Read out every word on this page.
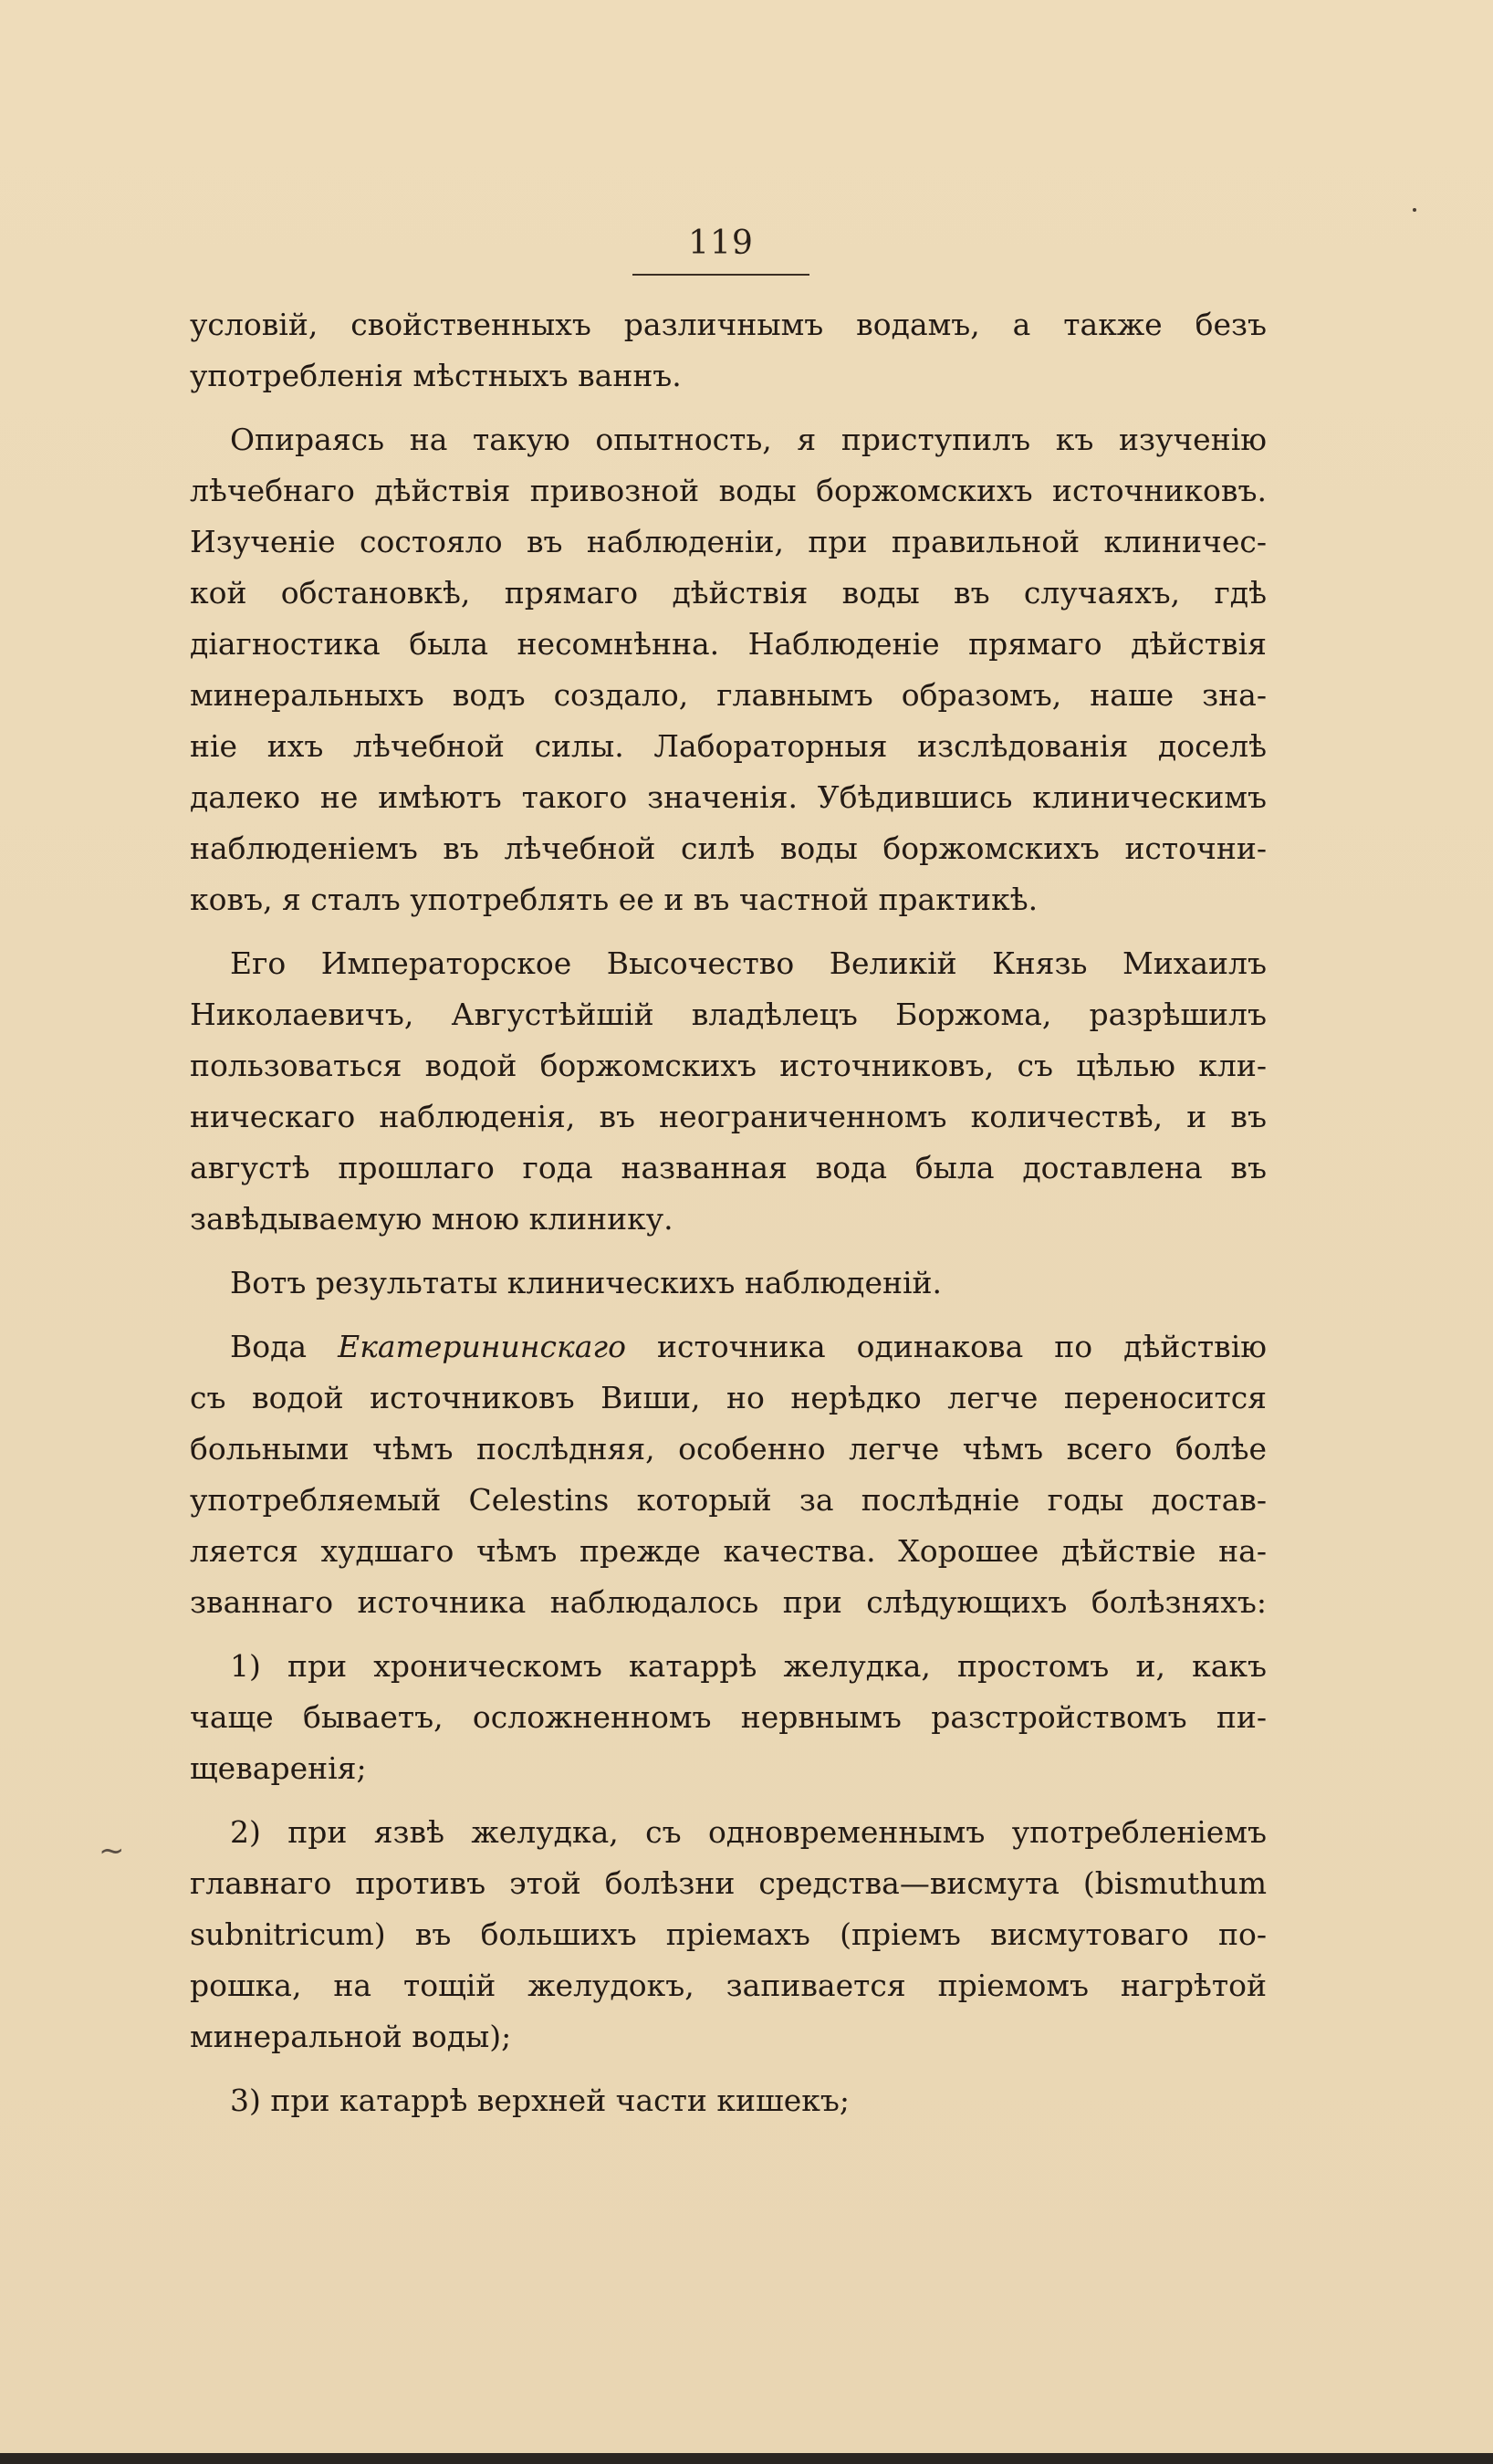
119
~
условій, свойственныхъ различнымъ водамъ, а также безъ
употребленія мѣстныхъ ваннъ.
Опираясь на такую опытность, я приступилъ къ изученію
лѣчебнаго дѣйствія привозной воды боржомскихъ источниковъ.
Изученіе состояло въ наблюденіи, при правильной клиничес-
кой обстановкѣ, прямаго дѣйствія воды въ случаяхъ, гдѣ
діагностика была несомнѣнна. Наблюденіе прямаго дѣйствія
минеральныхъ водъ создало, главнымъ образомъ, наше зна-
ніе ихъ лѣчебной силы. Лабораторныя изслѣдованія доселѣ
далеко не имѣютъ такого значенія. Убѣдившись клиническимъ
наблюденіемъ въ лѣчебной силѣ воды боржомскихъ источни-
ковъ, я сталъ употреблять ее и въ частной практикѣ.
Его Императорское Высочество Великій Князь Михаилъ
Николаевичъ, Августѣйшій владѣлецъ Боржома, разрѣшилъ
пользоваться водой боржомскихъ источниковъ, съ цѣлью кли-
ническаго наблюденія, въ неограниченномъ количествѣ, и въ
августѣ прошлаго года названная вода была доставлена въ
завѣдываемую мною клинику.
Вотъ результаты клиническихъ наблюденій.
Вода Екатерининскаго источника одинакова по дѣйствію
съ водой источниковъ Виши, но нерѣдко легче переносится
больными чѣмъ послѣдняя, особенно легче чѣмъ всего болѣе
употребляемый Celestins который за послѣдніе годы достав-
ляется худшаго чѣмъ прежде качества. Хорошее дѣйствіе на-
званнаго источника наблюдалось при слѣдующихъ болѣзняхъ:
1) при хроническомъ катаррѣ желудка, простомъ и, какъ
чаще бываетъ, осложненномъ нервнымъ разстройствомъ пи-
щеваренія;
2) при язвѣ желудка, съ одновременнымъ употребленіемъ
главнаго противъ этой болѣзни средства—висмута (bismuthum
subnitricum) въ большихъ пріемахъ (пріемъ висмутоваго по-
рошка, на тощій желудокъ, запивается пріемомъ нагрѣтой
минеральной воды);
3) при катаррѣ верхней части кишекъ;
